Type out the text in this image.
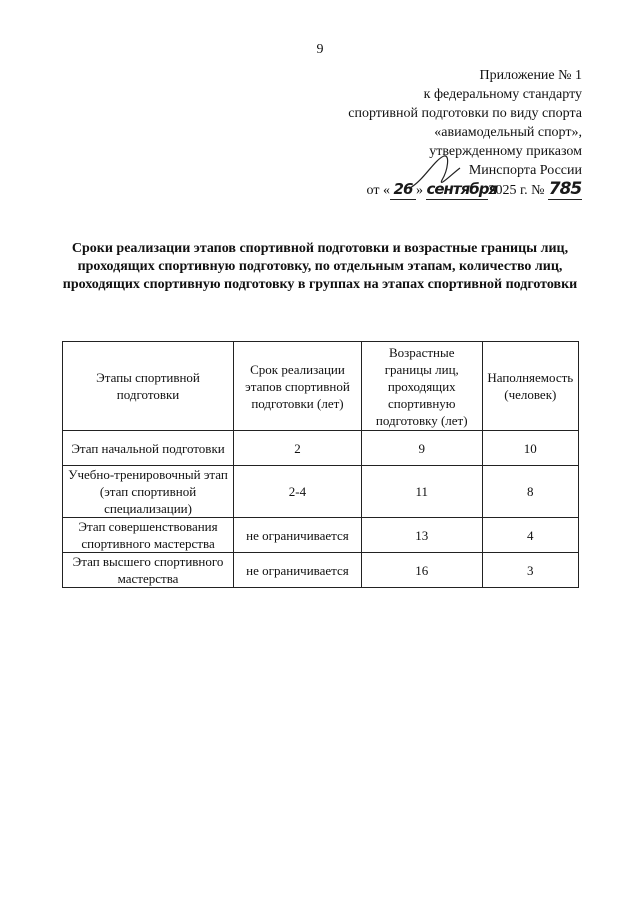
9
Приложение № 1
к федеральному стандарту
спортивной подготовки по виду спорта
«авиамодельный спорт»,
утвержденному приказом
Минспорта России
от « 26 » сентября2025 г. № 785
Сроки реализации этапов спортивной подготовки и возрастные границы лиц, проходящих спортивную подготовку, по отдельным этапам, количество лиц, проходящих спортивную подготовку в группах на этапах спортивной подготовки
Этапы спортивной подготовки	Срок реализации этапов спортивной подготовки (лет)	Возрастные границы лиц, проходящих спортивную подготовку (лет)	Наполняемость (человек)
Этап начальной подготовки	2	9	10
Учебно-тренировочный этап (этап спортивной специализации)	2-4	11	8
Этап совершенствования спортивного мастерства	не ограничивается	13	4
Этап высшего спортивного мастерства	не ограничивается	16	3
